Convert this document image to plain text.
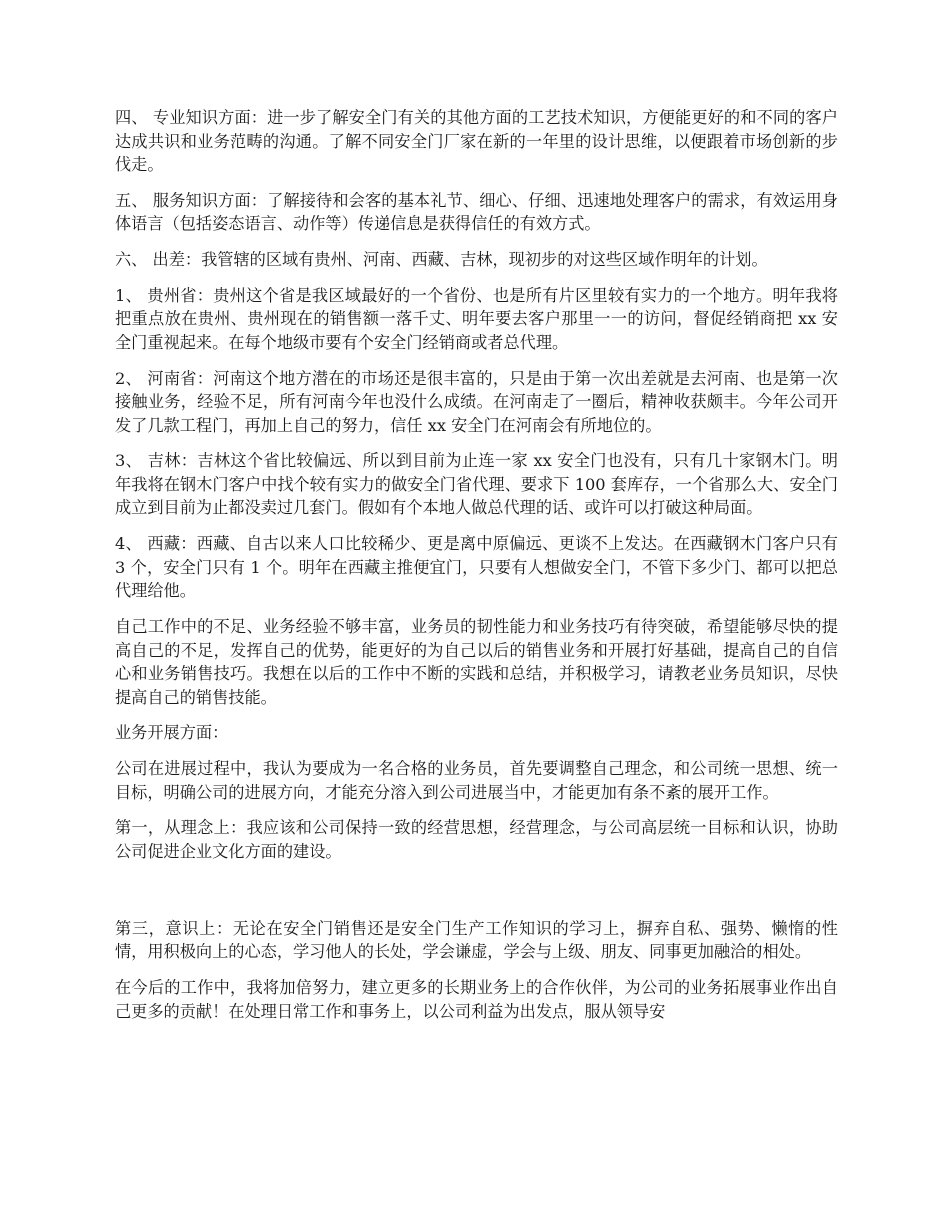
四、 专业知识方面：进一步了解安全门有关的其他方面的工艺技术知识，方便能更好的和不同的客户达成共识和业务范畴的沟通。了解不同安全门厂家在新的一年里的设计思维，以便跟着市场创新的步伐走。

五、 服务知识方面：了解接待和会客的基本礼节、细心、仔细、迅速地处理客户的需求，有效运用身体语言（包括姿态语言、动作等）传递信息是获得信任的有效方式。

六、 出差：我管辖的区域有贵州、河南、西藏、吉林，现初步的对这些区域作明年的计划。

1、 贵州省：贵州这个省是我区域最好的一个省份、也是所有片区里较有实力的一个地方。明年我将把重点放在贵州、贵州现在的销售额一落千丈、明年要去客户那里一一的访问，督促经销商把 xx 安全门重视起来。在每个地级市要有个安全门经销商或者总代理。

2、 河南省：河南这个地方潜在的市场还是很丰富的，只是由于第一次出差就是去河南、也是第一次接触业务，经验不足，所有河南今年也没什么成绩。在河南走了一圈后，精神收获颇丰。今年公司开发了几款工程门，再加上自己的努力，信任 xx 安全门在河南会有所地位的。

3、 吉林：吉林这个省比较偏远、所以到目前为止连一家 xx 安全门也没有，只有几十家钢木门。明年我将在钢木门客户中找个较有实力的做安全门省代理、要求下 100 套库存，一个省那么大、安全门成立到目前为止都没卖过几套门。假如有个本地人做总代理的话、或许可以打破这种局面。

4、 西藏：西藏、自古以来人口比较稀少、更是离中原偏远、更谈不上发达。在西藏钢木门客户只有 3 个，安全门只有 1 个。明年在西藏主推便宜门，只要有人想做安全门，不管下多少门、都可以把总代理给他。

自己工作中的不足、业务经验不够丰富，业务员的韧性能力和业务技巧有待突破，希望能够尽快的提高自己的不足，发挥自己的优势，能更好的为自己以后的销售业务和开展打好基础，提高自己的自信心和业务销售技巧。我想在以后的工作中不断的实践和总结，并积极学习，请教老业务员知识，尽快提高自己的销售技能。

业务开展方面：

公司在进展过程中，我认为要成为一名合格的业务员，首先要调整自己理念，和公司统一思想、统一目标，明确公司的进展方向，才能充分溶入到公司进展当中，才能更加有条不紊的展开工作。

第一，从理念上：我应该和公司保持一致的经营思想，经营理念，与公司高层统一目标和认识，协助公司促进企业文化方面的建设。

第三，意识上：无论在安全门销售还是安全门生产工作知识的学习上，摒弃自私、强势、懒惰的性情，用积极向上的心态，学习他人的长处，学会谦虚，学会与上级、朋友、同事更加融洽的相处。

在今后的工作中，我将加倍努力，建立更多的长期业务上的合作伙伴，为公司的业务拓展事业作出自己更多的贡献！在处理日常工作和事务上，以公司利益为出发点，服从领导安
